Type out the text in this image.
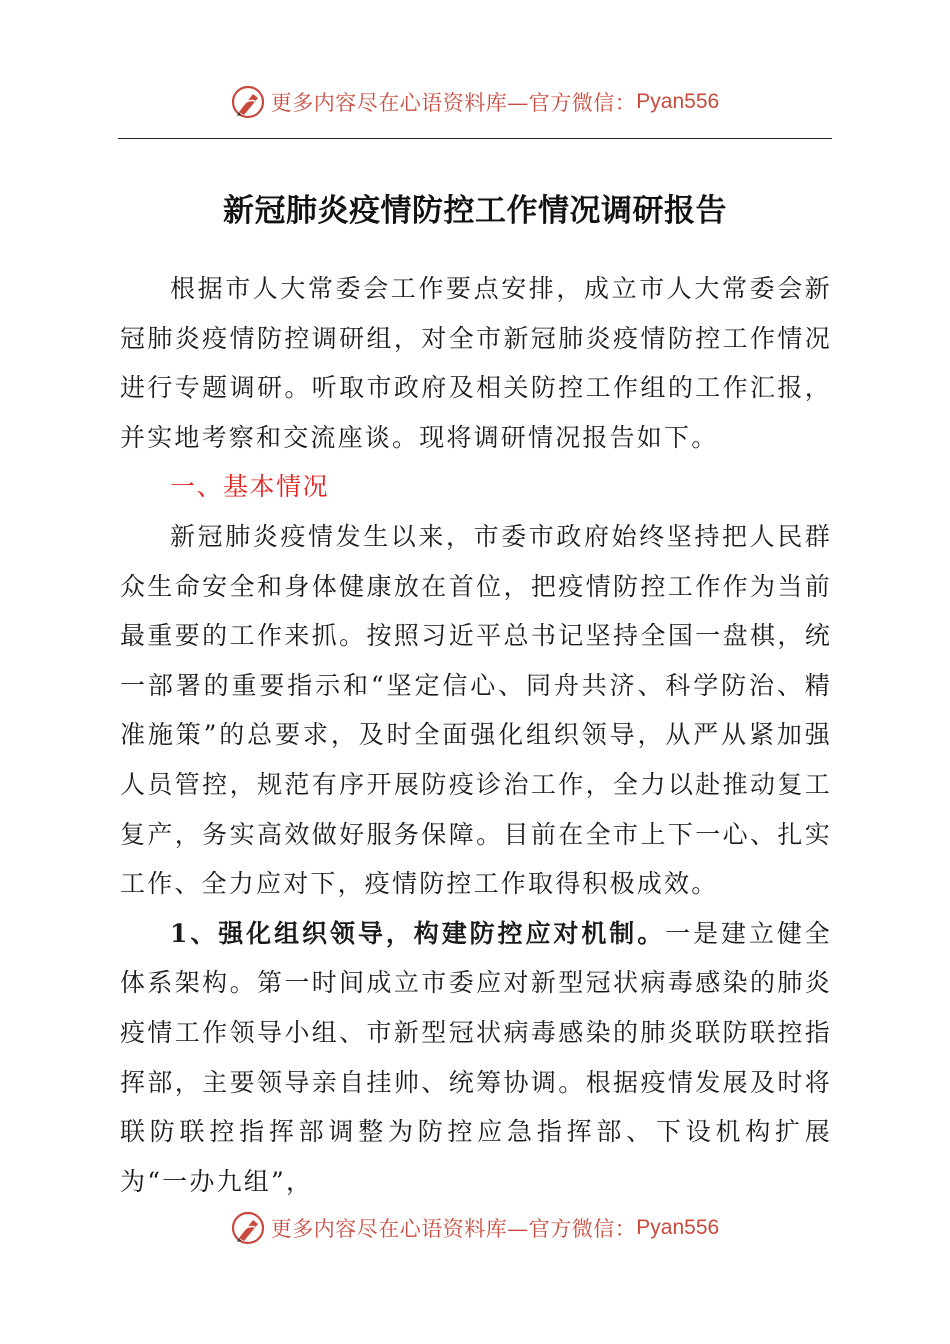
更多内容尽在心语资料库—官方微信： Pyan556
新冠肺炎疫情防控工作情况调研报告

根据市人大常委会工作要点安排，成立市人大常委会新冠肺炎疫情防控调研组，对全市新冠肺炎疫情防控工作情况进行专题调研。听取市政府及相关防控工作组的工作汇报，并实地考察和交流座谈。现将调研情况报告如下。

一、基本情况

新冠肺炎疫情发生以来，市委市政府始终坚持把人民群众生命安全和身体健康放在首位，把疫情防控工作作为当前最重要的工作来抓。按照习近平总书记坚持全国一盘棋，统一部署的重要指示和“坚定信心、同舟共济、科学防治、精准施策”的总要求，及时全面强化组织领导，从严从紧加强人员管控，规范有序开展防疫诊治工作，全力以赴推动复工复产，务实高效做好服务保障。目前在全市上下一心、扎实工作、全力应对下，疫情防控工作取得积极成效。

1、强化组织领导，构建防控应对机制。一是建立健全体系架构。第一时间成立市委应对新型冠状病毒感染的肺炎疫情工作领导小组、市新型冠状病毒感染的肺炎联防联控指挥部，主要领导亲自挂帅、统筹协调。根据疫情发展及时将联防联控指挥部调整为防控应急指挥部、下设机构扩展为“一办九组”，

更多内容尽在心语资料库—官方微信： Pyan556
